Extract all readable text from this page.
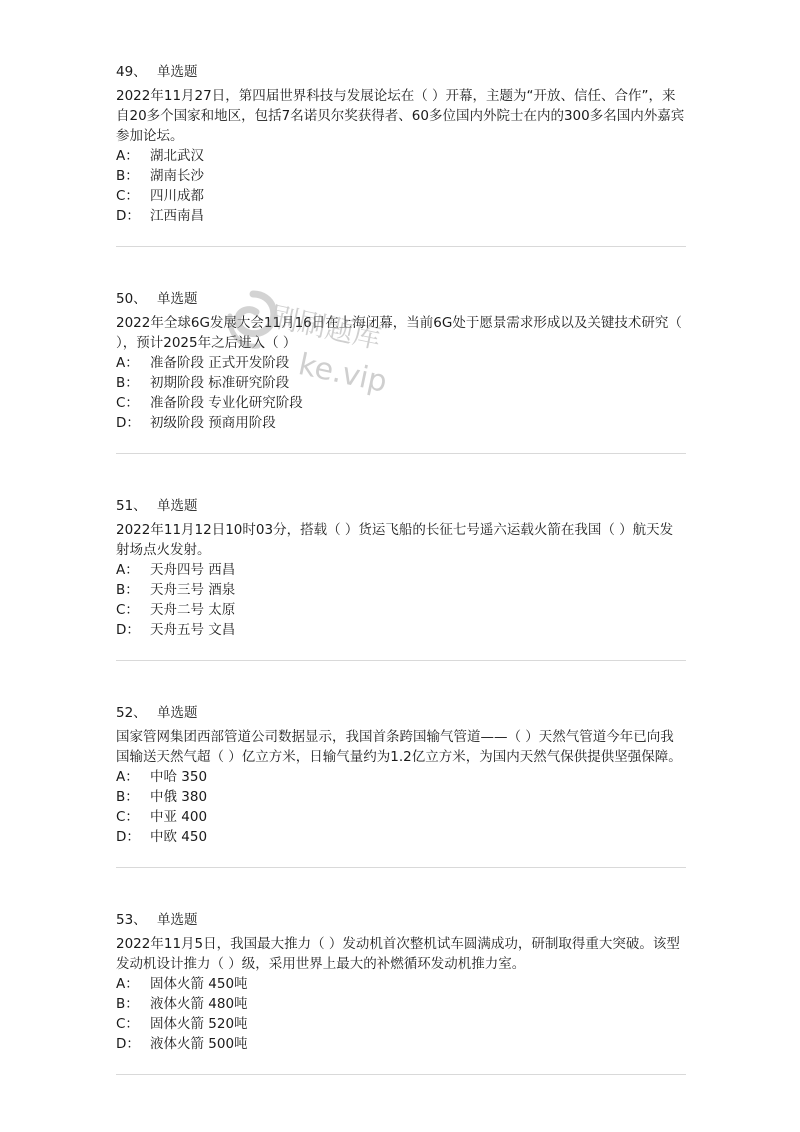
49、 单选题

2022年11月27日，第四届世界科技与发展论坛在（ ）开幕，主题为“开放、信任、合作”，来自20多个国家和地区，包括7名诺贝尔奖获得者、60多位国内外院士在内的300多名国内外嘉宾参加论坛。

A： 湖北武汉

B： 湖南长沙

C： 四川成都

D： 江西南昌

50、 单选题

2022年全球6G发展大会11月16日在上海闭幕，当前6G处于愿景需求形成以及关键技术研究（ ），预计2025年之后进入（ ）

A： 准备阶段 正式开发阶段

B： 初期阶段 标准研究阶段

C： 准备阶段 专业化研究阶段

D： 初级阶段 预商用阶段

51、 单选题

2022年11月12日10时03分，搭载（ ）货运飞船的长征七号遥六运载火箭在我国（ ）航天发射场点火发射。

A： 天舟四号 西昌

B： 天舟三号 酒泉

C： 天舟二号 太原

D： 天舟五号 文昌

52、 单选题

国家管网集团西部管道公司数据显示，我国首条跨国输气管道——（ ）天然气管道今年已向我国输送天然气超（ ）亿立方米，日输气量约为1.2亿立方米，为国内天然气保供提供坚强保障。

A： 中哈 350

B： 中俄 380

C： 中亚 400

D： 中欧 450

53、 单选题

2022年11月5日，我国最大推力（ ）发动机首次整机试车圆满成功，研制取得重大突破。该型发动机设计推力（ ）级，采用世界上最大的补燃循环发动机推力室。

A： 固体火箭 450吨

B： 液体火箭 480吨

C： 固体火箭 520吨

D： 液体火箭 500吨

刷刷题库
ke.vip
